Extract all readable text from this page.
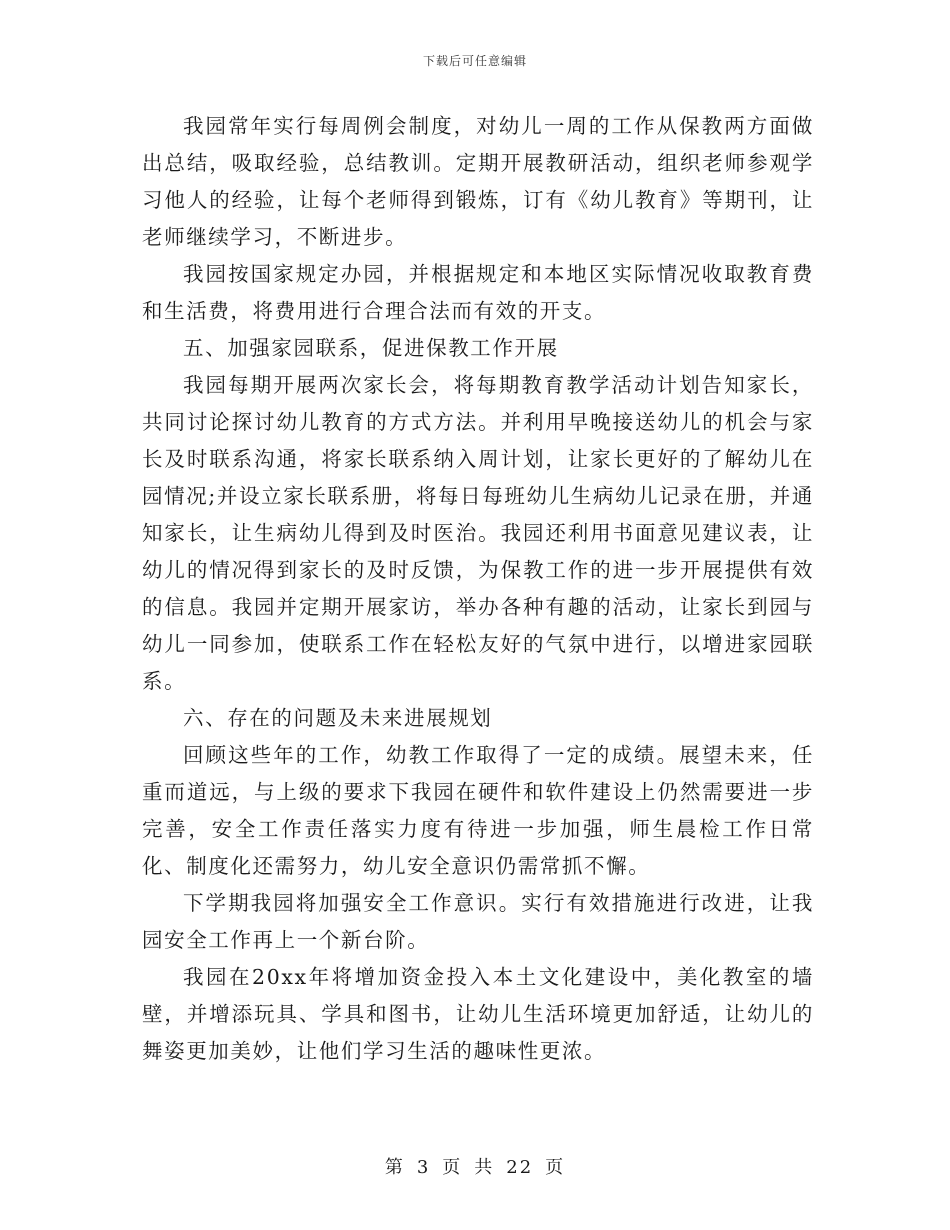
下载后可任意编辑

我园常年实行每周例会制度，对幼儿一周的工作从保教两方面做出总结，吸取经验，总结教训。定期开展教研活动，组织老师参观学习他人的经验，让每个老师得到锻炼，订有《幼儿教育》等期刊，让老师继续学习，不断进步。

我园按国家规定办园，并根据规定和本地区实际情况收取教育费和生活费，将费用进行合理合法而有效的开支。

五、加强家园联系，促进保教工作开展

我园每期开展两次家长会，将每期教育教学活动计划告知家长，共同讨论探讨幼儿教育的方式方法。并利用早晚接送幼儿的机会与家长及时联系沟通，将家长联系纳入周计划，让家长更好的了解幼儿在园情况;并设立家长联系册，将每日每班幼儿生病幼儿记录在册，并通知家长，让生病幼儿得到及时医治。我园还利用书面意见建议表，让幼儿的情况得到家长的及时反馈，为保教工作的进一步开展提供有效的信息。我园并定期开展家访，举办各种有趣的活动，让家长到园与幼儿一同参加，使联系工作在轻松友好的气氛中进行，以增进家园联系。

六、存在的问题及未来进展规划

回顾这些年的工作，幼教工作取得了一定的成绩。展望未来，任重而道远，与上级的要求下我园在硬件和软件建设上仍然需要进一步完善，安全工作责任落实力度有待进一步加强，师生晨检工作日常化、制度化还需努力，幼儿安全意识仍需常抓不懈。

下学期我园将加强安全工作意识。实行有效措施进行改进，让我园安全工作再上一个新台阶。

我园在20xx年将增加资金投入本土文化建设中，美化教室的墙壁，并增添玩具、学具和图书，让幼儿生活环境更加舒适，让幼儿的舞姿更加美妙，让他们学习生活的趣味性更浓。

第 3 页 共 22 页
